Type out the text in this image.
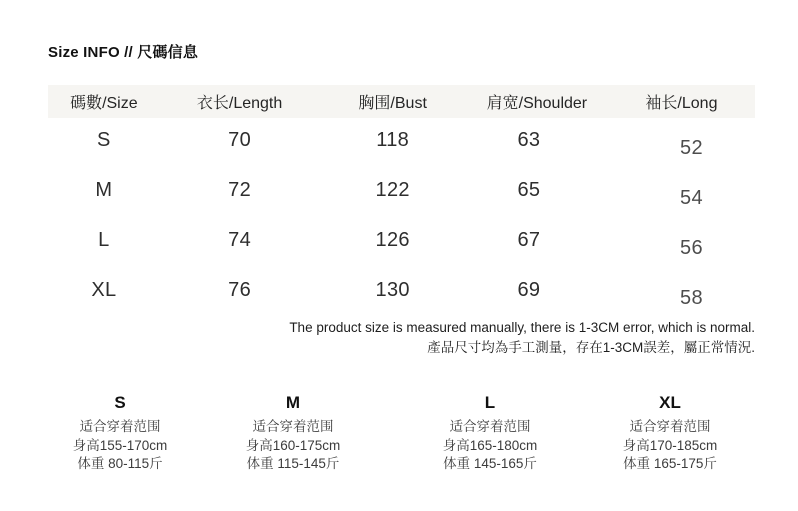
Size INFO // 尺碼信息
碼數/Size	衣长/Length	胸围/Bust	肩宽/Shoulder	袖长/Long
S	70	118	63	52
M	72	122	65	54
L	74	126	67	56
XL	76	130	69	58
The product size is measured manually, there is 1-3CM error, which is normal.
產品尺寸均為手工測量，存在1-3CM誤差，屬正常情況.
S
适合穿着范围
身高155-170cm
体重 80-115斤
M
适合穿着范围
身高160-175cm
体重 115-145斤
L
适合穿着范围
身高165-180cm
体重 145-165斤
XL
适合穿着范围
身高170-185cm
体重 165-175斤
